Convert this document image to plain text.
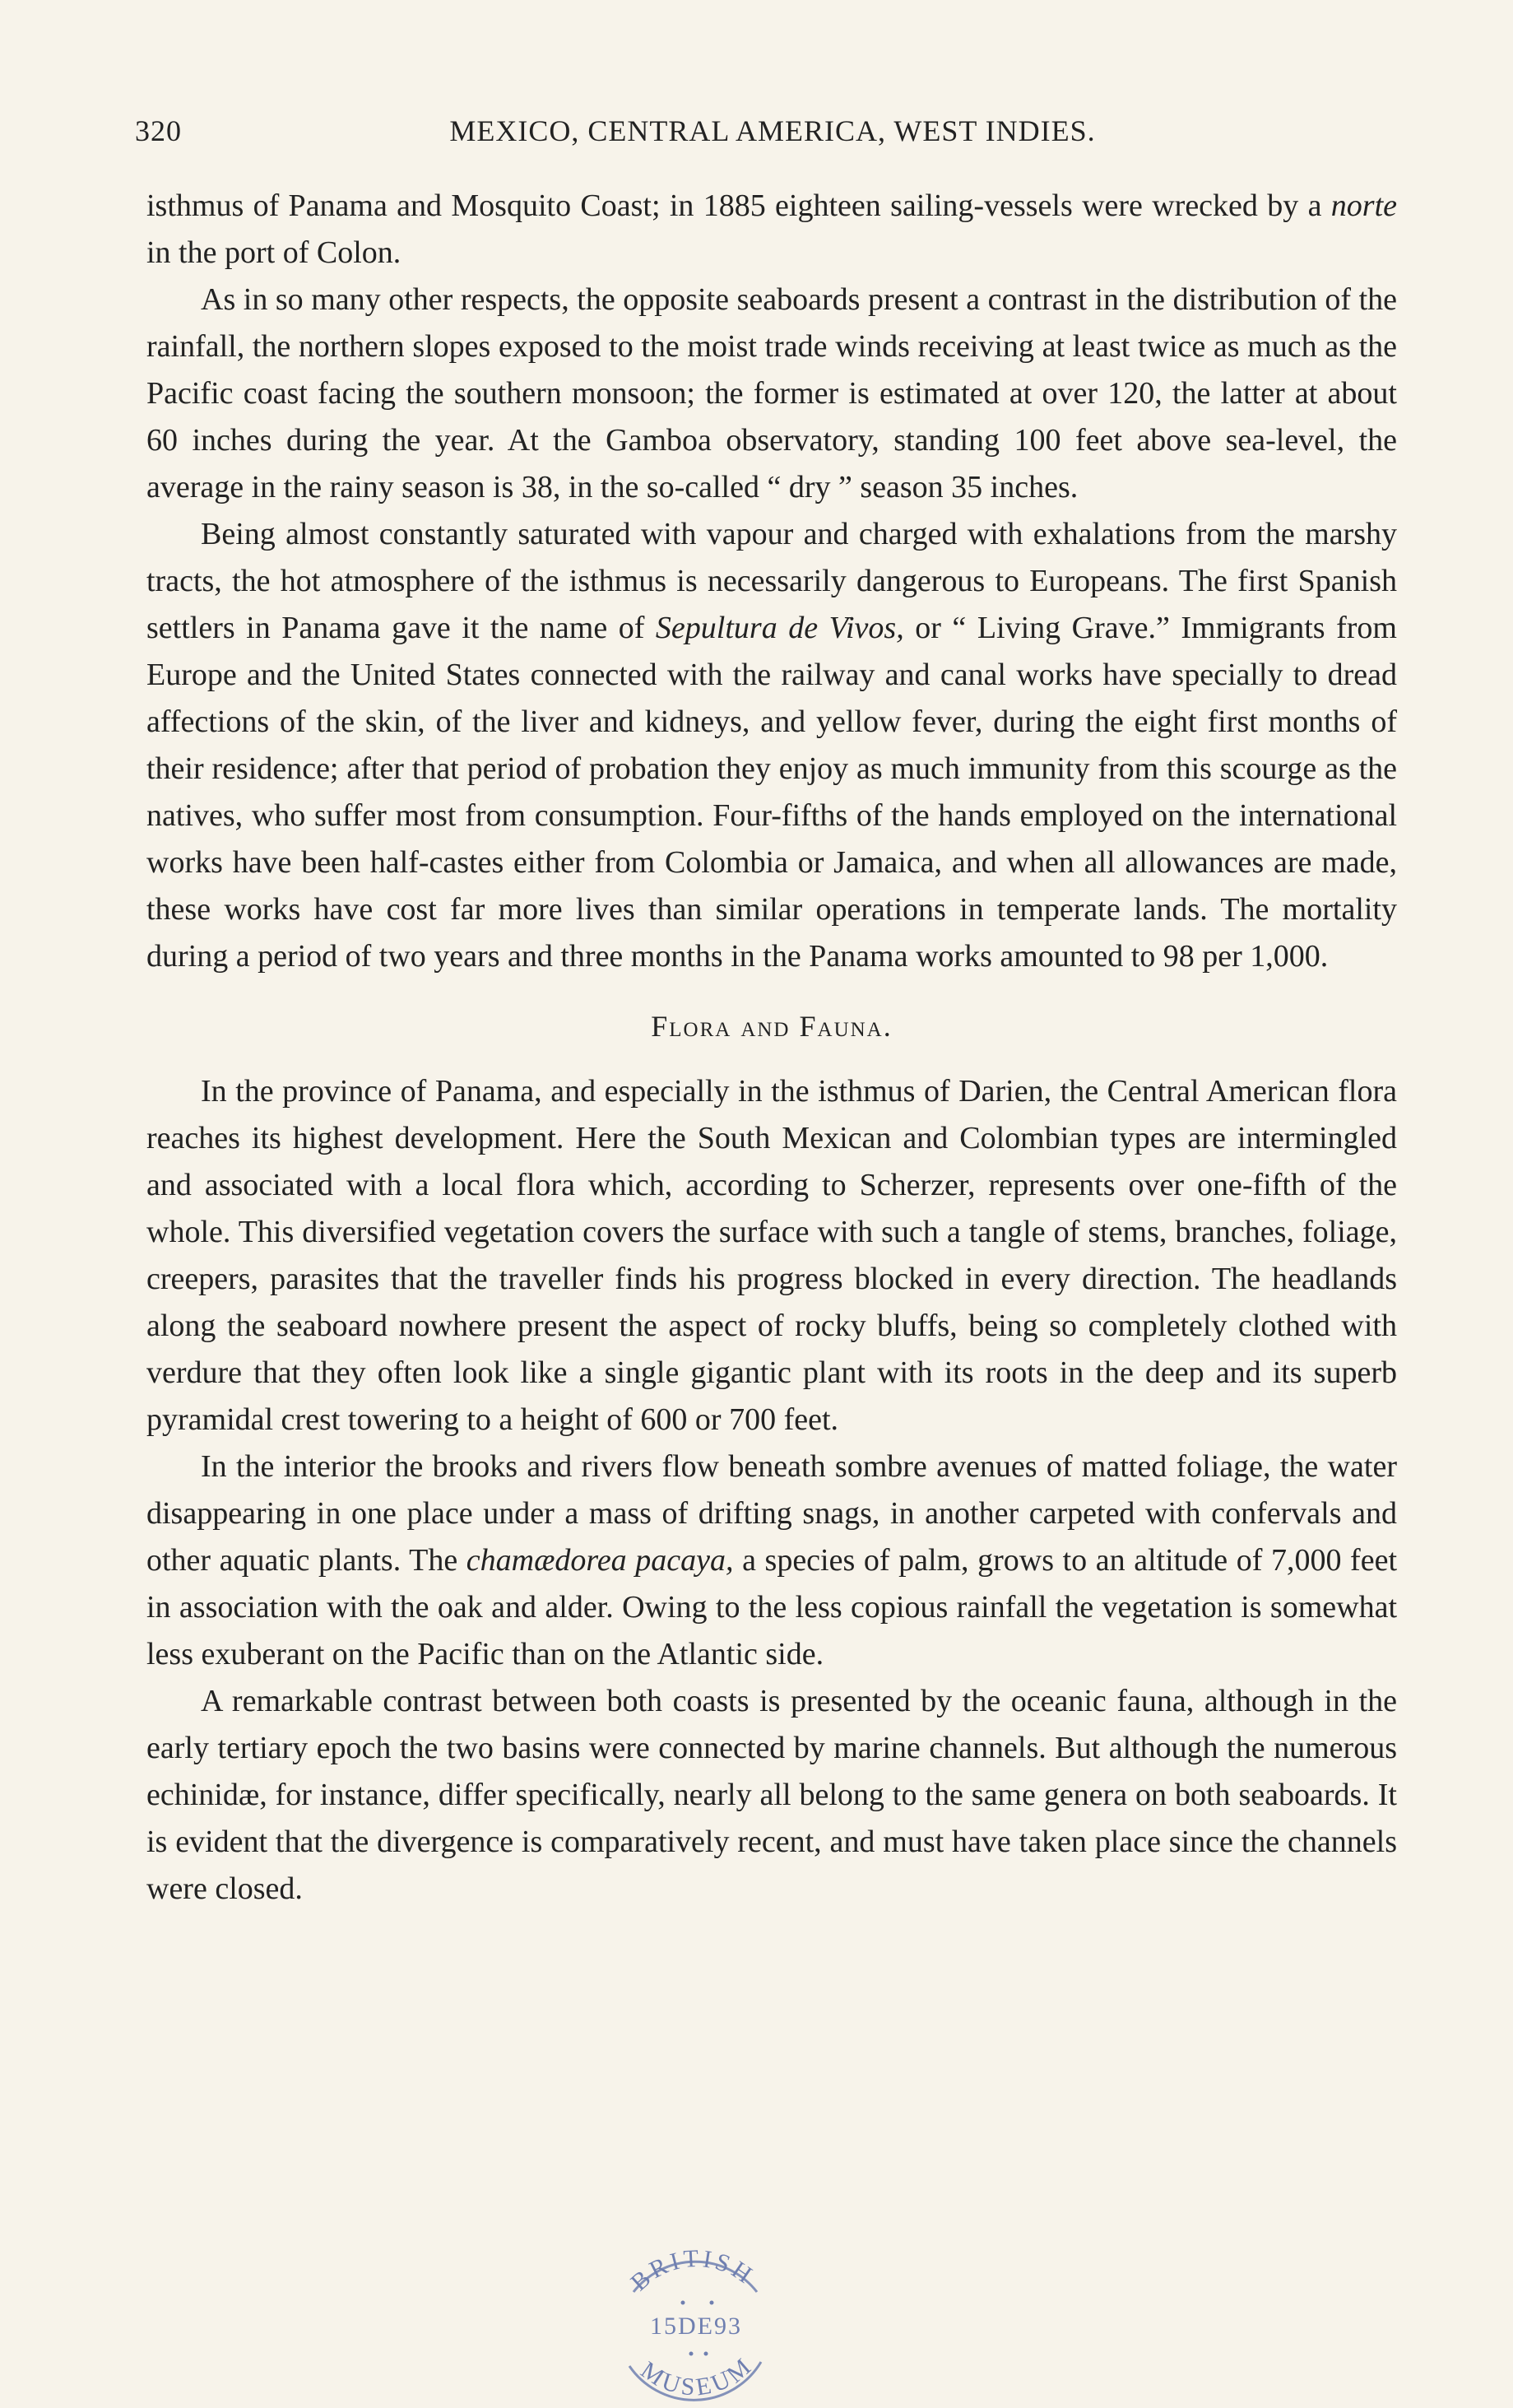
320	MEXICO, CENTRAL AMERICA, WEST INDIES.

isthmus of Panama and Mosquito Coast; in 1885 eighteen sailing-vessels were wrecked by a norte in the port of Colon.

As in so many other respects, the opposite seaboards present a contrast in the distribution of the rainfall, the northern slopes exposed to the moist trade winds receiving at least twice as much as the Pacific coast facing the southern monsoon; the former is estimated at over 120, the latter at about 60 inches during the year. At the Gamboa observatory, standing 100 feet above sea-level, the average in the rainy season is 38, in the so-called “ dry ” season 35 inches.

Being almost constantly saturated with vapour and charged with exhalations from the marshy tracts, the hot atmosphere of the isthmus is necessarily dangerous to Europeans. The first Spanish settlers in Panama gave it the name of Sepultura de Vivos, or “ Living Grave.” Immigrants from Europe and the United States connected with the railway and canal works have specially to dread affections of the skin, of the liver and kidneys, and yellow fever, during the eight first months of their residence; after that period of probation they enjoy as much immunity from this scourge as the natives, who suffer most from consumption. Four-fifths of the hands employed on the international works have been half-castes either from Colombia or Jamaica, and when all allowances are made, these works have cost far more lives than similar operations in temperate lands. The mortality during a period of two years and three months in the Panama works amounted to 98 per 1,000.

Flora and Fauna.

In the province of Panama, and especially in the isthmus of Darien, the Central American flora reaches its highest development. Here the South Mexican and Colombian types are intermingled and associated with a local flora which, according to Scherzer, represents over one-fifth of the whole. This diversified vegetation covers the surface with such a tangle of stems, branches, foliage, creepers, parasites that the traveller finds his progress blocked in every direction. The headlands along the seaboard nowhere present the aspect of rocky bluffs, being so completely clothed with verdure that they often look like a single gigantic plant with its roots in the deep and its superb pyramidal crest towering to a height of 600 or 700 feet.

In the interior the brooks and rivers flow beneath sombre avenues of matted foliage, the water disappearing in one place under a mass of drifting snags, in another carpeted with confervals and other aquatic plants. The chamædorea pacaya, a species of palm, grows to an altitude of 7,000 feet in association with the oak and alder. Owing to the less copious rainfall the vegetation is somewhat less exuberant on the Pacific than on the Atlantic side.

A remarkable contrast between both coasts is presented by the oceanic fauna, although in the early tertiary epoch the two basins were connected by marine channels. But although the numerous echinidæ, for instance, differ specifically, nearly all belong to the same genera on both seaboards. It is evident that the divergence is comparatively recent, and must have taken place since the channels were closed.

BRITISH
15DE93
MUSEUM
